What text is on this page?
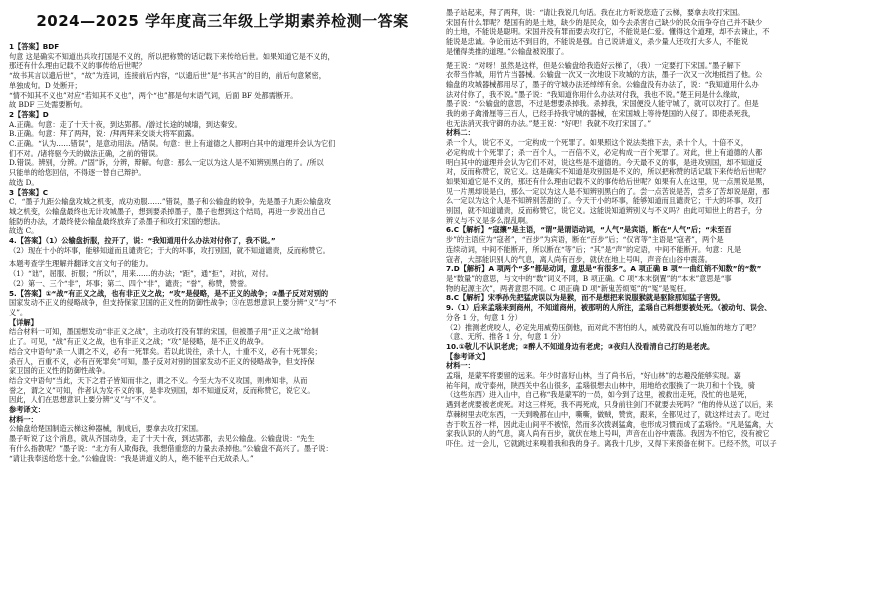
2024—2025 学年度高三年级上学期素养检测一答案
1【答案】BDF
句意 这是确实不知道出兵攻打国是不义的，所以把称赞的话记载下来传给后世。如果知道它是不义的，
那还有什么理由记载不义的事传给后世呢？
“故书其言以遗后世”，“故”为连词，连接前后内容，“以遗后世”是“书其言”的目的，前后句意紧密，
单独成句。D 处断开；
“情不知其不义也”对应“若知其不义也”，两个“也”都是句末语气词，后面 BF 处都需断开。
故 BDF 三处需要断句。
2【答案】D
A.正确。句意：走了十天十夜，到达郢都。/游过长途的城墙，到达秦安。
B.正确。句意：拜了两拜，说：/拜两拜来交谈大将军面露。
C.正确。“认为……错误”，是意动用法。/错误。句意：世上有道德之人都明白其中的道理并会认为它们
们不对。/诸将驱今天的做法正确，之前的错误。
D.错误。辨别，分辨。/“固”诉，分辨，辩解。句意：那么一定以为这人是不知辨别黑白的了。/所以
只能单的给您回信，不得逐一替自己辩护。
故选 D。
3【答案】C
C．“墨子九距公输盘攻城之机变，成功劝服……”错误，墨子和公输盘的较争，先是墨子九距公输盘攻
城之机变，公输盘最终也无计攻城墨子，想到要杀掉墨子，墨子也想到这个结局，再进一步说出自己
能防的办法，才最终使公输盘最终放弃了杀墨子和攻打宋国的想法。
故选 C。
4.【答案】（1）公输盘折服，拉开了，说：“我知道用什么办法对付你了，我不说。”
（2）现在十小的坏事，能够知道而且谴责它；于大的坏事，攻打别国，就不知道谴责，反而称赞它。

本题考查学生理解并翻译文言文句子的能力。
（1）“诎”，屈服、折服；“所以”，用来……的办法；“距”，通“拒”，对抗，对付。
（2）第一、三个“非”，坏事；第二、四个“非”，谴责；“誉”，称赞，赞誉。
5.【答案】①“战”有正义之战，也有非正义之战；“攻”是侵略，是不正义的战争；②墨子反对对别的
国家发动不正义的侵略战争，但支持保家卫国的正义性的防御性战争；③在思想意识上要分辨“义”与“不
义”。
【详解】
结合材料一可知，墨国想发动“非正义之战”，主动攻打没有罪的宋国，但被墨子用“正义之战”给制
止了。可见，“战”有正义之战，也有非正义之战；“攻”是侵略，是不正义的战争。
结合文中语句“杀一人谓之不义，必有一死罪矣。若以此说往，杀十人，十重不义，必有十死罪矣；
杀百人，百重不义，必有百死罪矣”可知，墨子反对对别的国家发动不正义的侵略战争，但支持保
家卫国的正义性的防御性战争。
结合文中语句“当此，天下之君子皆知而非之，谓之不义。今至大为不义攻国，则弗知非，从而
誉之，谓之义”可知，作者认为发不义的事，是非攻别国，却不知道反对，反而称赞它，说它义。
因此，人们在思想意识上要分辨“义”与“不义”。
参考译文：
材料一：
公输盘给楚国制造云梯这种器械，制成后，要拿去攻打宋国。
墨子听说了这个消息，就从齐国动身，走了十天十夜，到达郢都，去见公输盘。公输盘说：“先生
有什么指教呢？”墨子说：“北方有人欺侮我，我想借重您的力量去杀掉他。”公输盘不高兴了。墨子说：
“请让我奉送给您十金。”公输盘说：“我是讲道义的人，绝不能平白无故杀人。”
墨子站起来，拜了两拜，说：“请让我说几句话。我在北方听说您造了云梯，要拿去攻打宋国。
宋国有什么罪呢？楚国有的是土地，缺少的是民众，如今去杀害自己缺少的民众而争夺自己并不缺少
的土地，不能说是聪明。宋国并没有罪而要去攻打它，不能说是仁爱。懂得这个道理，却不去谏止，不
能说是忠诚。争论而达不到目的，不能说是强。自己说讲道义，杀少量人还攻打大多人，不能说
是懂得类推的道理。”公输盘被说服了。

楚王说：“对呀！虽然是这样，但是公输盘给我造好云梯了，（我）一定要打下宋国。”墨子解下
衣带当作城，用竹片当器械。公输盘一次又一次地设下攻城的方法，墨子一次又一次地抵挡了他。公
输盘的攻城器械都用尽了，墨子的守城办法还绰绰有余。公输盘没有办法了，说：“我知道用什么办
法对付你了，我不说。”墨子说：“我知道你用什么办法对付我，我也不说。”楚王问是什么缘故，
墨子说：“公输盘的意思，不过是想要杀掉我。杀掉我，宋国便没人能守城了，就可以攻打了。但是
我的弟子禽滑厘等三百人，已经手持我守城的器械，在宋国城上等待楚国的入侵了。即使杀死我，
也无法消灭我守御的办法。”楚王说：“好吧！我就不攻打宋国了。”
材料二：
杀一个人，说它不义，一定构成一个死罪了。如果照这个说法类推下去，杀十个人，十倍不义，
必定构成十个死罪了；杀一百个人，一百倍不义，必定构成一百个死罪了。对此，世上有道德的人都
明白其中的道理并会认为它们不对，说这些是不道德的。今天最不义的事，是进攻别国，却不知道反
对，反而称赞它，说它义。这是确实不知道是攻别国是不义的，所以把称赞的话记载下来传给后世呢？
如果知道它是不义的，那还有什么理由记载不义的事传给后世呢？如果有人在这里，见一点黑说是黑，
见一片黑却说是白，那么一定以为这人是不知辨别黑白的了。尝一点苦说是苦，尝多了苦却说是甜，那
么一定以为这个人是不知辨别苦甜的了。今天干小的坏事，能够知道而且谴责它；干大的坏事，攻打
别国，就不知道谴责，反而称赞它，说它义。这能说知道辨别义与不义吗？由此可知世上的君子，分
辨义与不义是多么混乱啊。
6.C【解析】“寇攘”是主语，“谓”是谓语动词，“人气”是宾语，断在“人气”后；“未至百
步”的主语应为“寇者”，“百步”为宾语，断在“百步”后；“仅宵等”主语是“寇者”，两个是
连续动词，中间不能断开，所以断在“等”后；“其”是“声”的定语，中间不能断开。句意：凡是
寇者，大部能识别人的气息，离人尚有百步，就伏在地上号叫，声音在山谷中震荡。
7.D【解析】A 项两个“多”都是动词，意思是“有很多”。A 项正确 B 项“一曲红销不知数”的“数”
是“数量”的意思，与文中的“数”词义不同，B 项正确。C 项“本末倒置”的“本末”意思是“事
物的起源主次”，两者意思不同。C 项正确 D 项“新鬼苦烦冤”的“冤”是冤枉。
8.C【解析】宋季孙先把猛虎误以为是猴，而不是想把来说服猴就是驱除那知猛子害毁。
9.（1）后来孟瑙来到商州，不知道商州，被那明的人所注，孟瑙自己料想要被处死。（被动句、误会、
分各 1 分，句意 1 分）
（2）推测老虎咬人，必定先用威势压倒他，而对此不害怕的人，威势就没有可以施加的地方了吧？
（意、无所、推各 1 分，句意 1 分）
10.①敬儿不认识老虎；②醉人不知道身边有老虎；③夜归人没看清自己打的是老虎。
【参考译文】
材料一：
孟瑙，是蒙军将要留的远来。年少时喜好山林，当了尚书后，“好山林”的志趣没能够实现。嘉
祐年间，成守泰州，陕西关中名山很多，孟瑙很想去山林中，用地给衣服换了一块刀和十个钱，骑
（这些东西）进入山中，自己称“我是蒙军的一员，如今到了这里，被救出走死，没忙的也是死，
遇到老虎要被老虎死。对这三样死，我不再死成，只身前往剑门不就要去死吗？”他的侍从送了以后，来
草棘树里去吃东西，一天到晚都在山中，嘶嘶，做贼，赞赏，跟来，全都见过了，就这样过去了。吃过
杏于吹五谷一样，因此走山间平不被惊，然而多次拨剥猛禽，也形成习惯而成了孟瑙怜。“凡是猛禽，大
家我认识的人的气息，离人尚有百步，就伏在地上号叫，声音在山谷中震荡。我因为不怕它，没有被它
吓住。过一会儿，它就跳过来嗅着我和我的身子。离我十几步，又得下来预备在树下。已经不然，可以子
